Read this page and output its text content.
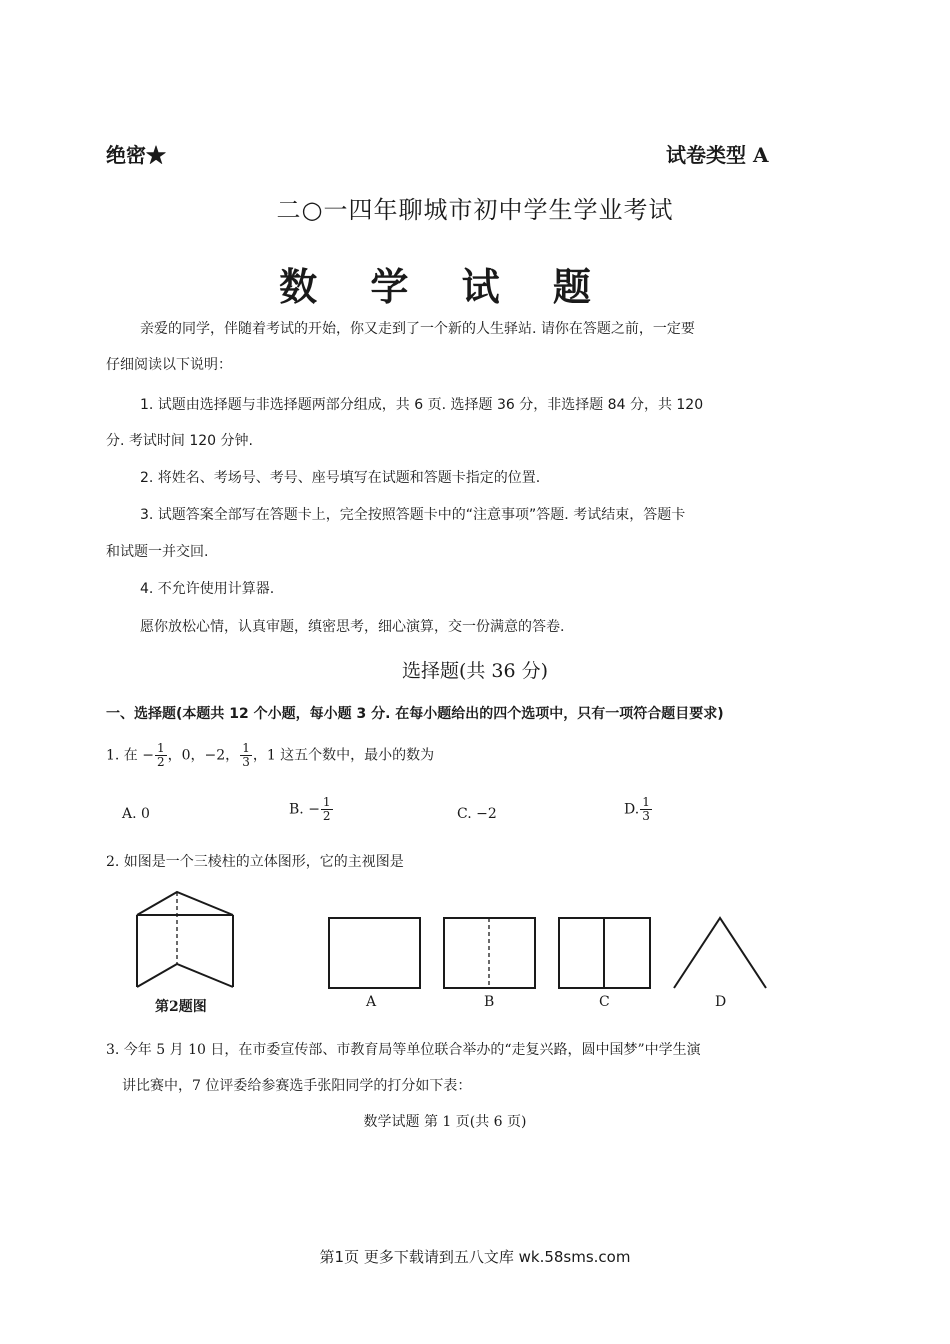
绝密★	试卷类型 A
二○一四年聊城市初中学生学业考试
数 学 试 题
亲爱的同学，伴随着考试的开始，你又走到了一个新的人生驿站. 请你在答题之前，一定要
仔细阅读以下说明：
1. 试题由选择题与非选择题两部分组成，共 6 页. 选择题 36 分，非选择题 84 分，共 120
分. 考试时间 120 分钟.
2. 将姓名、考场号、考号、座号填写在试题和答题卡指定的位置.
3. 试题答案全部写在答题卡上，完全按照答题卡中的“注意事项”答题. 考试结束，答题卡
和试题一并交回.
4. 不允许使用计算器.
愿你放松心情，认真审题，缜密思考，细心演算，交一份满意的答卷.
选择题(共 36 分)
一、选择题(本题共 12 个小题，每小题 3 分. 在每小题给出的四个选项中，只有一项符合题目要求)
1. 在 − $\frac{1}{2}$ ，0，−2， $\frac{1}{3}$ ，1 这五个数中，最小的数为
A. 0	B. − $\frac{1}{2}$	C. −2	D. $\frac{1}{3}$
2. 如图是一个三棱柱的立体图形，它的主视图是
第2题图	A	B	C	D
3. 今年 5 月 10 日，在市委宣传部、市教育局等单位联合举办的“走复兴路，圆中国梦”中学生演
讲比赛中，7 位评委给参赛选手张阳同学的打分如下表：
数学试题 第 1 页(共 6 页)
第1页 更多下载请到五八文库 wk.58sms.com
